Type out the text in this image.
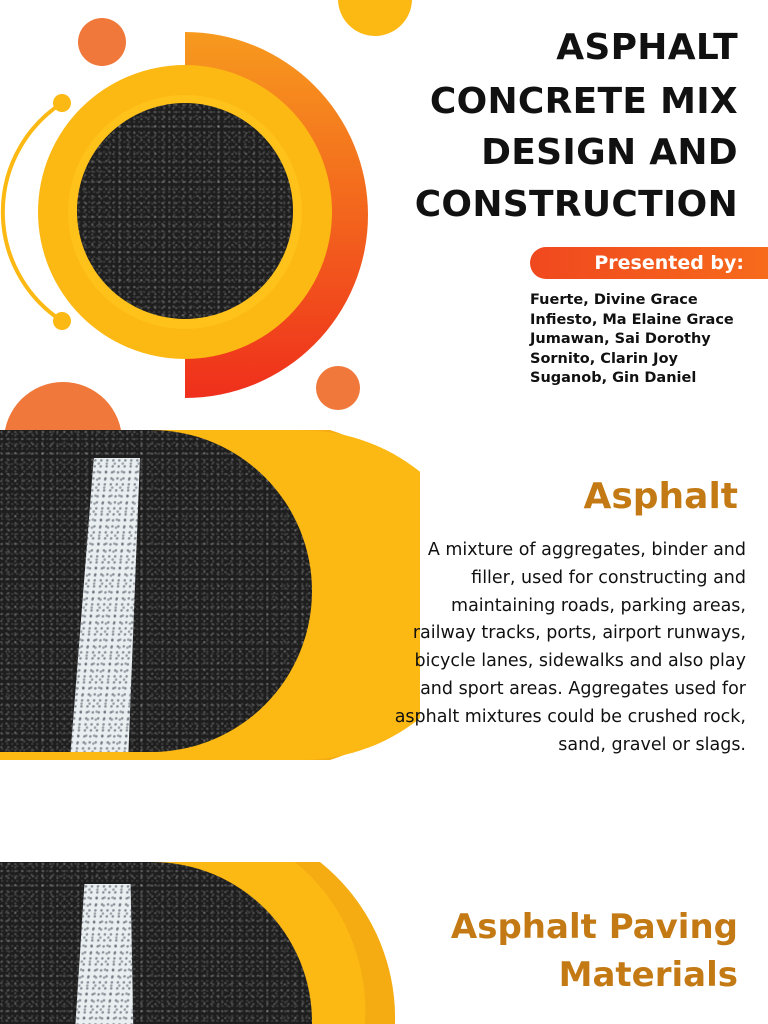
ASPHALT
CONCRETE MIX
DESIGN AND
CONSTRUCTION
Presented by:
Fuerte, Divine Grace
Infiesto, Ma Elaine Grace
Jumawan, Sai Dorothy
Sornito, Clarin Joy
Suganob, Gin Daniel
Asphalt
A mixture of aggregates, binder and filler, used for constructing and maintaining roads, parking areas, railway tracks, ports, airport runways, bicycle lanes, sidewalks and also play and sport areas. Aggregates used for asphalt mixtures could be crushed rock, sand, gravel or slags.
Asphalt Paving
Materials
